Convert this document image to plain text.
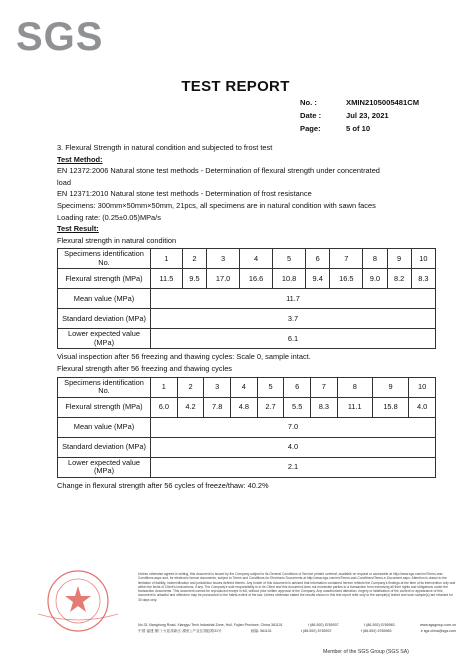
SGS
TEST REPORT
No. :	XMIN2105005481CM
Date :	Jul 23, 2021
Page:	5 of 10

3. Flexural Strength in natural condition and subjected to frost test

Test Method:

EN 12372:2006 Natural stone test methods - Determination of flexural strength under concentrated

load

EN 12371:2010 Natural stone test methods - Determination of frost resistance

Specimens: 300mm×50mm×50mm, 21pcs, all specimens are in natural condition with sawn faces

Loading rate: (0.25±0.05)MPa/s

Test Result:

Flexural strength in natural condition

Specimens identification No.	1	2	3	4	5	6	7	8	9	10
Flexural strength (MPa)	11.5	9.5	17.0	16.6	10.8	9.4	16.5	9.0	8.2	8.3
Mean value (MPa)	11.7									
Standard deviation (MPa)	3.7									
Lower expected value (MPa)	6.1									

Visual inspection after 56 freezing and thawing cycles: Scale 0, sample intact.

Flexural strength after 56 freezing and thawing cycles

Specimens identification No.	1	2	3	4	5	6	7	8	9	10
Flexural strength (MPa)	6.0	4.2	7.8	4.8	2.7	5.5	8.3	11.1	15.8	4.0
Mean value (MPa)	7.0									
Standard deviation (MPa)	4.0									
Lower expected value (MPa)	2.1									

Change in flexural strength after 56 cycles of freeze/thaw: 40.2%

Unless otherwise agreed in writing, this document is issued by the Company subject to its General Conditions of Service printed overleaf, available on request or accessible at http://www.sgs.com/en/Terms-and-Conditions.aspx and, for electronic format documents, subject to Terms and Conditions for Electronic Documents at http://www.sgs.com/en/Terms-and-Conditions/Terms-e-Document.aspx. Attention is drawn to the limitation of liability, indemnification and jurisdiction issues defined therein. Any holder of this document is advised that information contained hereon reflects the Company's findings at the time of its intervention only and within the limits of Client's instructions, if any. The Company's sole responsibility is to its Client and this document does not exonerate parties to a transaction from exercising all their rights and obligations under the transaction documents. This document cannot be reproduced except in full, without prior written approval of the Company. Any unauthorized alteration, forgery or falsification of the content or appearance of this document is unlawful and offenders may be prosecuted to the fullest extent of the law. Unless otherwise stated the results shown in this test report refer only to the sample(s) tested and such sample(s) are retained for 30 days only.
No.31 Xianghong Road, Xiangyu Tech Industrial Zone, Huli, Fujian Province, China 361101	t (86-592) 5765937	f (86-592) 5765983	www.sgsgroup.com.cn
中国·福建·厦门·火炬高新区·湖里 | 产业区翔虹路31号	邮编: 361101	t (86-592) 5765937	f (86-592) 5765983	e sgs.china@sgs.com
Member of the SGS Group (SGS SA)
